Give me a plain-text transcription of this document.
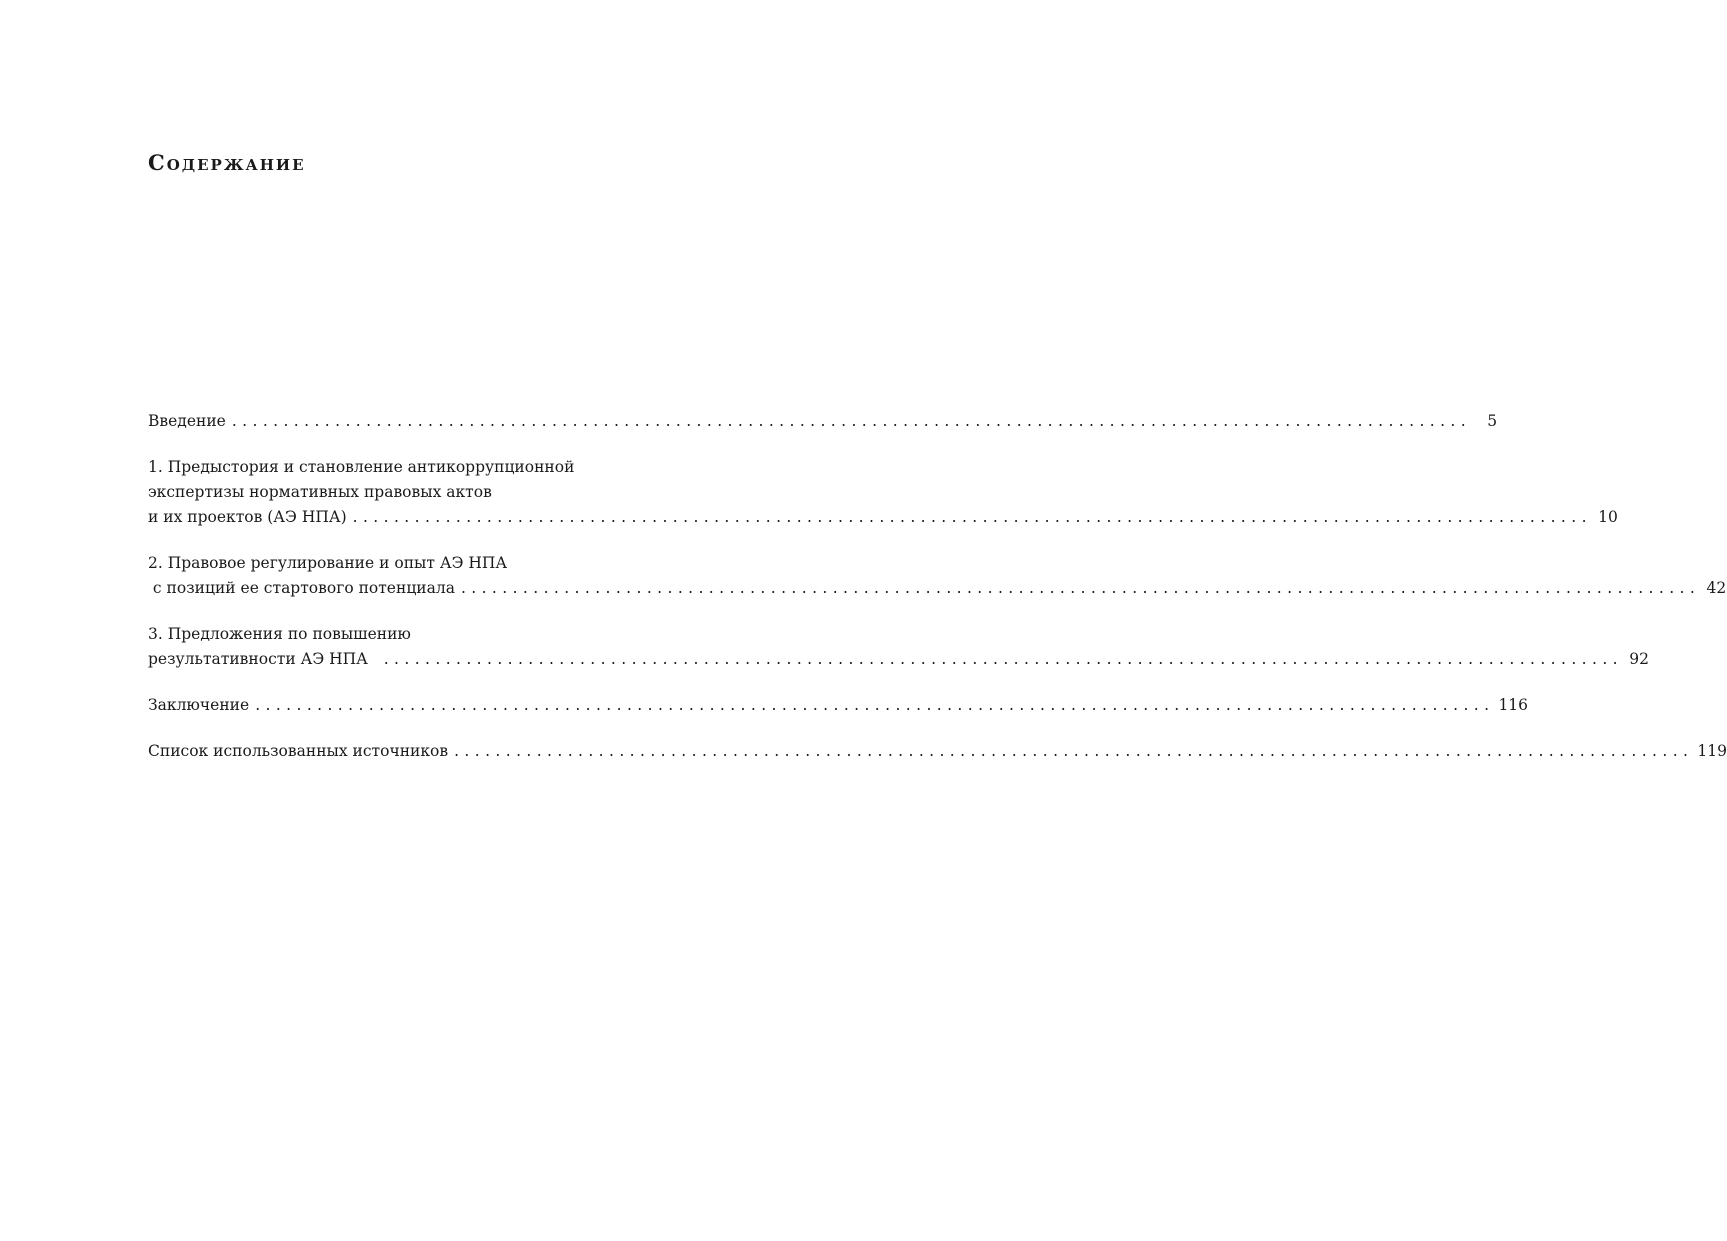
Содержание
Введение ........................................................................................................................	5
1. Предыстория и становление антикоррупционной
экспертизы нормативных правовых актов
и их проектов (АЭ НПА) ........................................................................................................................ 10
2. Правовое регулирование и опыт АЭ НПА
с позиций ее стартового потенциала ........................................................................................................................ 42
3. Предложения по повышению
результативности АЭ НПА ........................................................................................................................ 92
Заключение ........................................................................................................................ 116
Список использованных источников ........................................................................................................................ 119
